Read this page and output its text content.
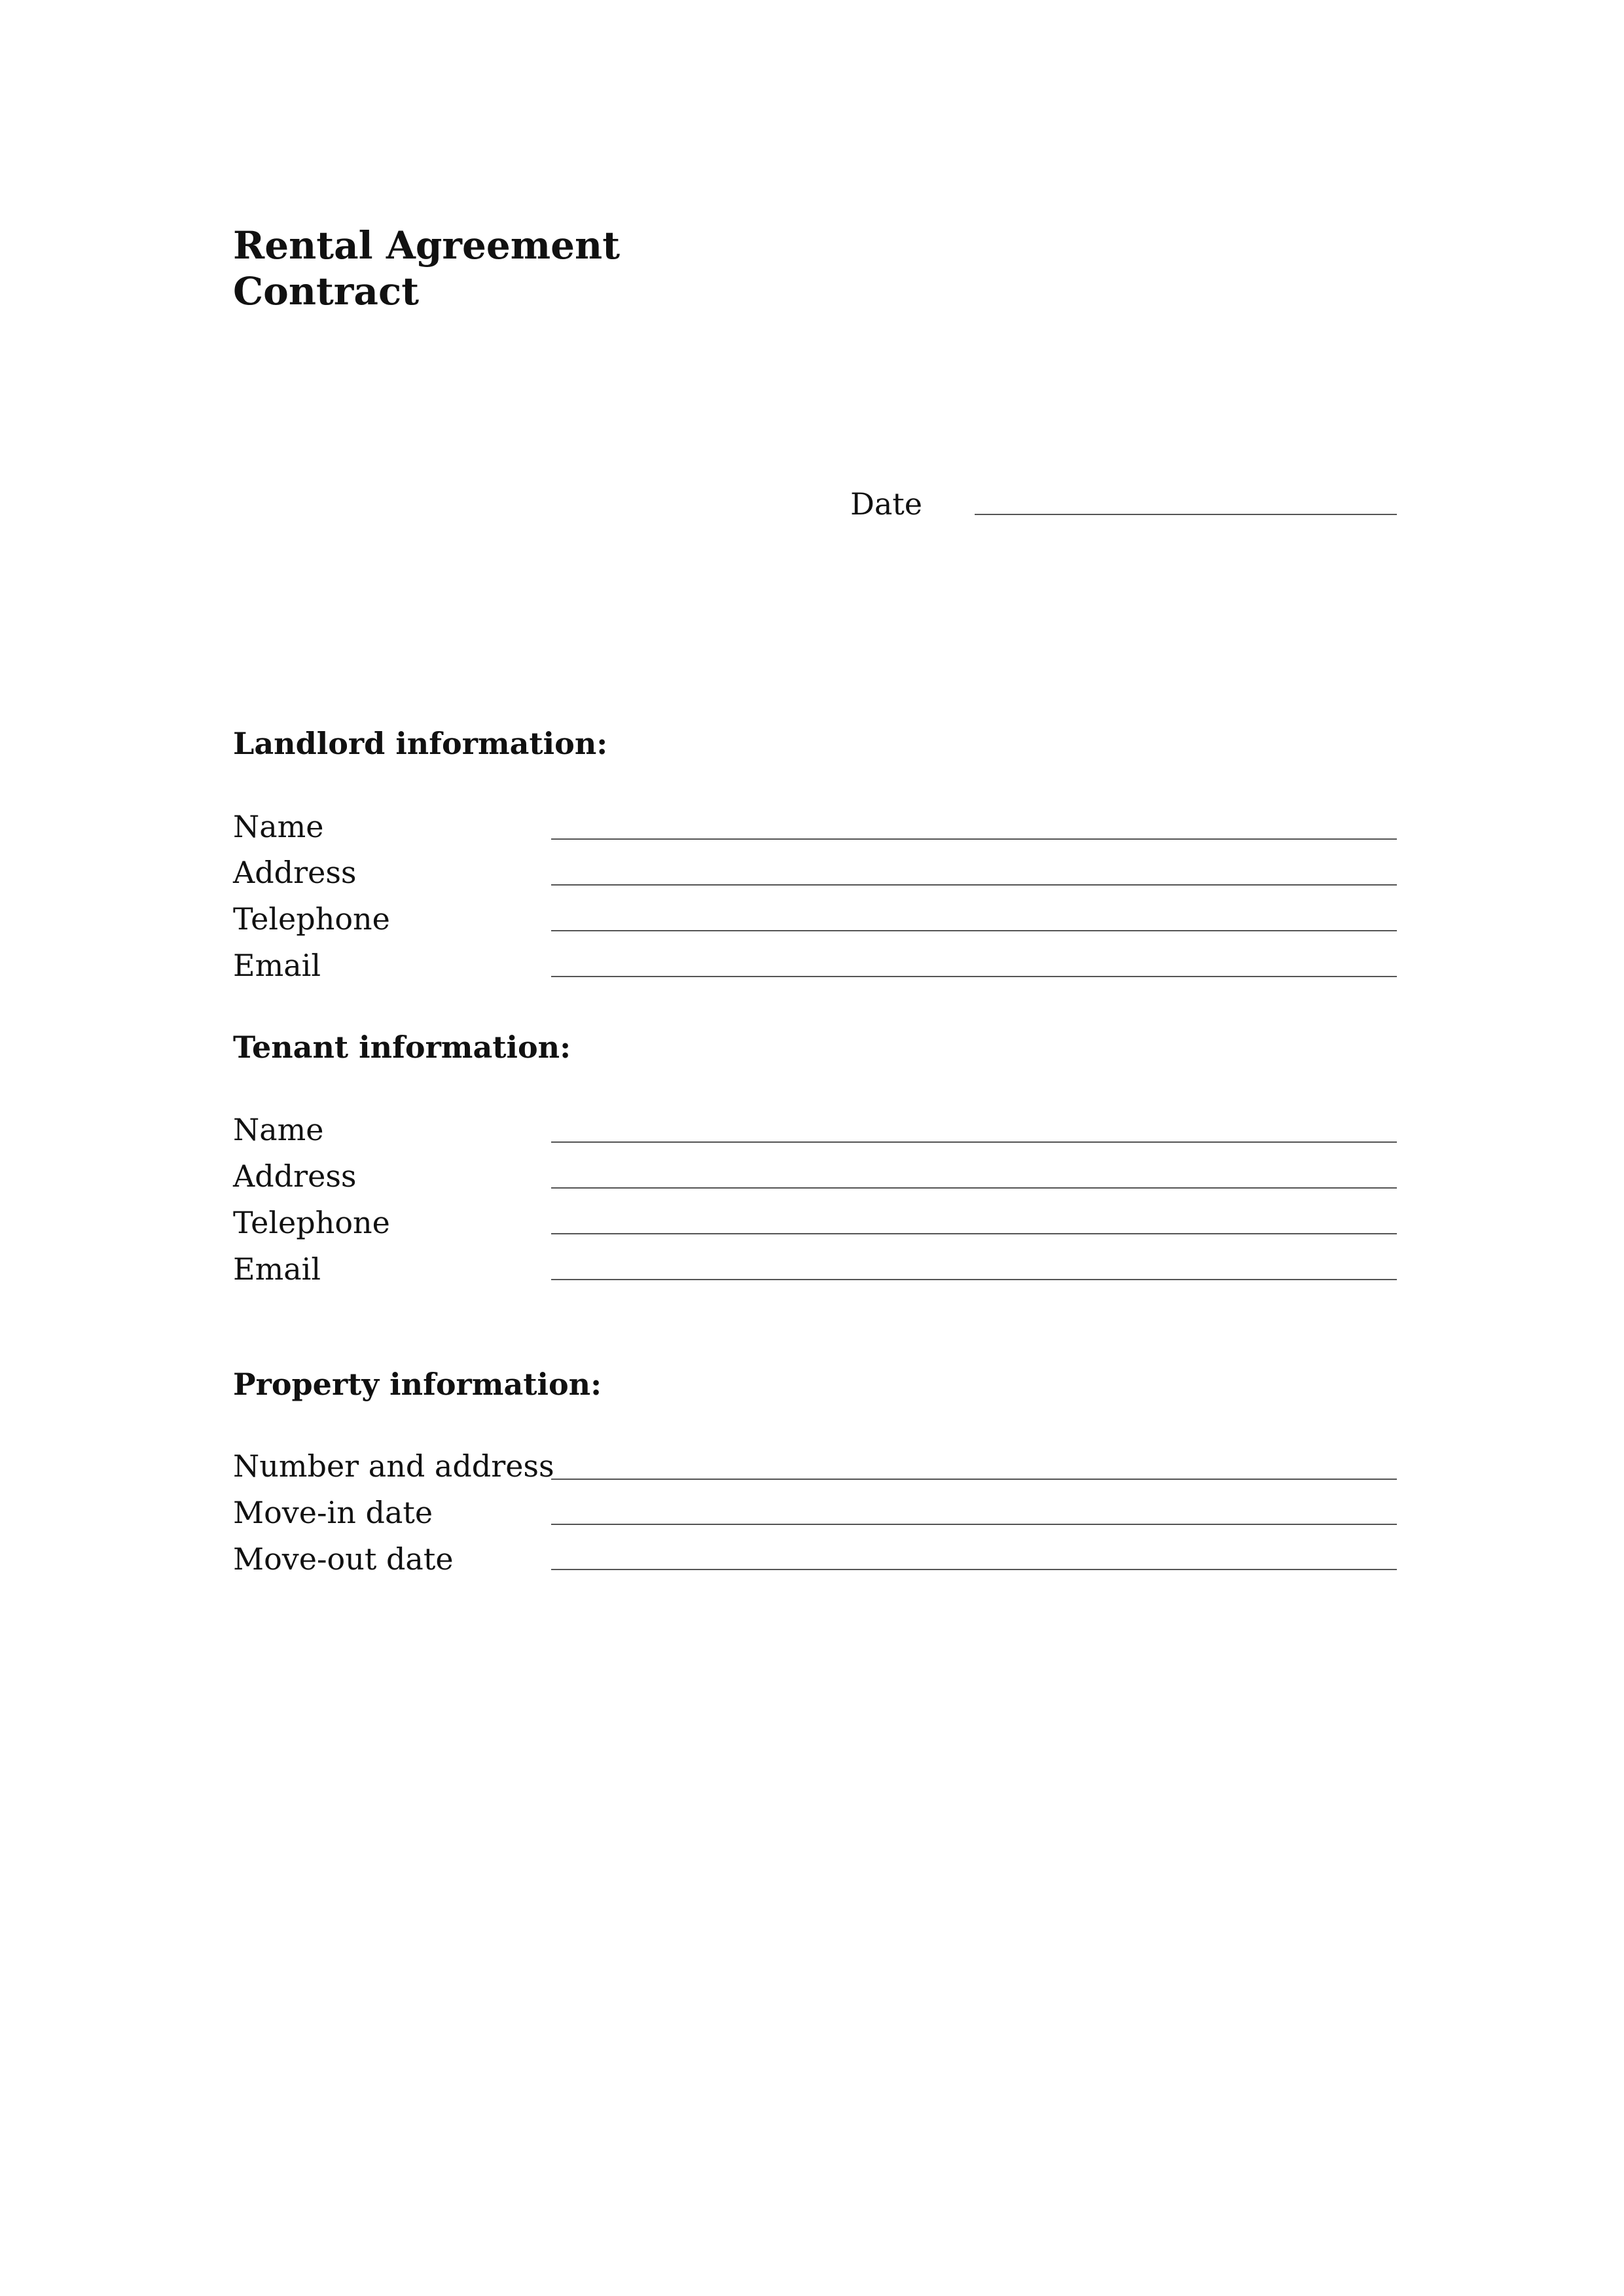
Rental Agreement
Contract
Date
Landlord information:
Name
Address
Telephone
Email
Tenant information:
Name
Address
Telephone
Email
Property information:
Number and address
Move-in date
Move-out date
